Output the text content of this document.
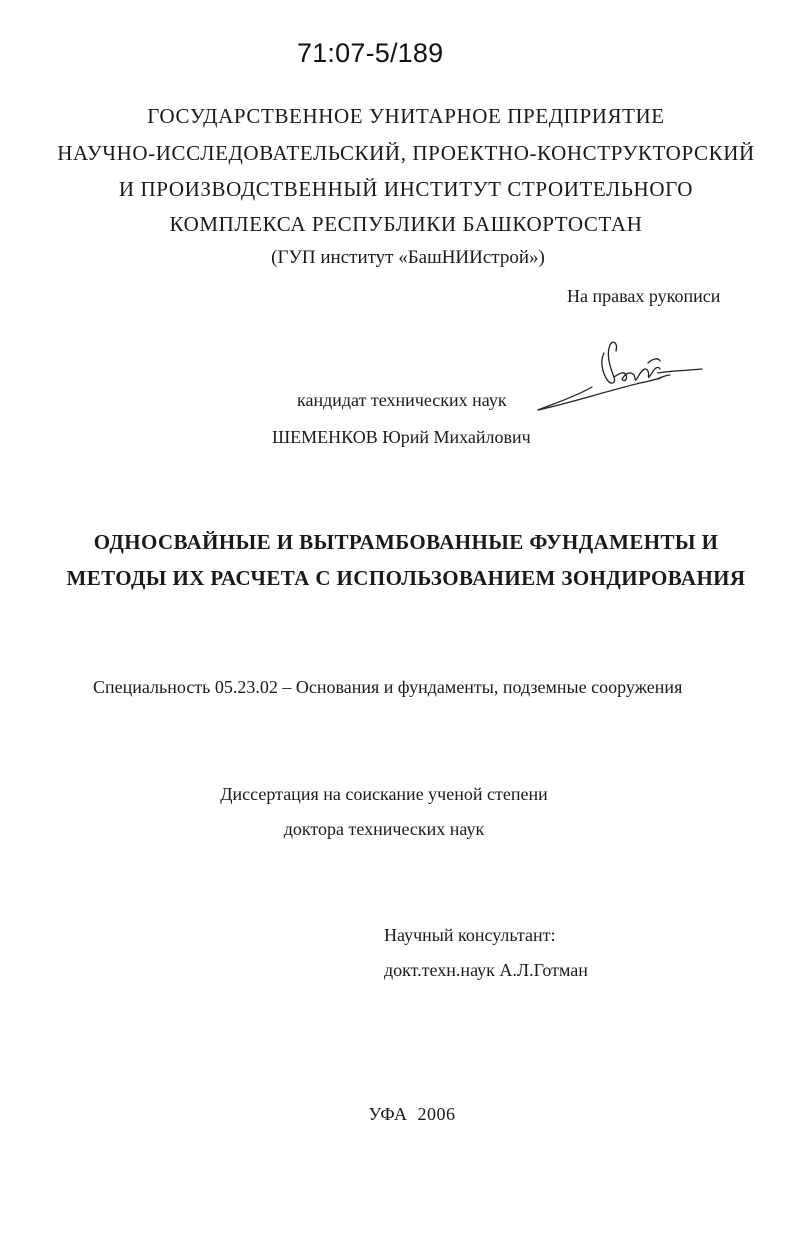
71:07-5/189
ГОСУДАРСТВЕННОЕ УНИТАРНОЕ ПРЕДПРИЯТИЕ
НАУЧНО-ИССЛЕДОВАТЕЛЬСКИЙ, ПРОЕКТНО-КОНСТРУКТОРСКИЙ
И ПРОИЗВОДСТВЕННЫЙ ИНСТИТУТ СТРОИТЕЛЬНОГО
КОМПЛЕКСА РЕСПУБЛИКИ БАШКОРТОСТАН
(ГУП институт «БашНИИстрой»)
На правах рукописи
кандидат технических наук
ШЕМЕНКОВ Юрий Михайлович
ОДНОСВАЙНЫЕ И ВЫТРАМБОВАННЫЕ ФУНДАМЕНТЫ И
МЕТОДЫ ИХ РАСЧЕТА С ИСПОЛЬЗОВАНИЕМ ЗОНДИРОВАНИЯ
Специальность 05.23.02 – Основания и фундаменты, подземные сооружения
Диссертация на соискание ученой степени
доктора технических наук
Научный консультант:
докт.техн.наук А.Л.Готман
УФА  2006
